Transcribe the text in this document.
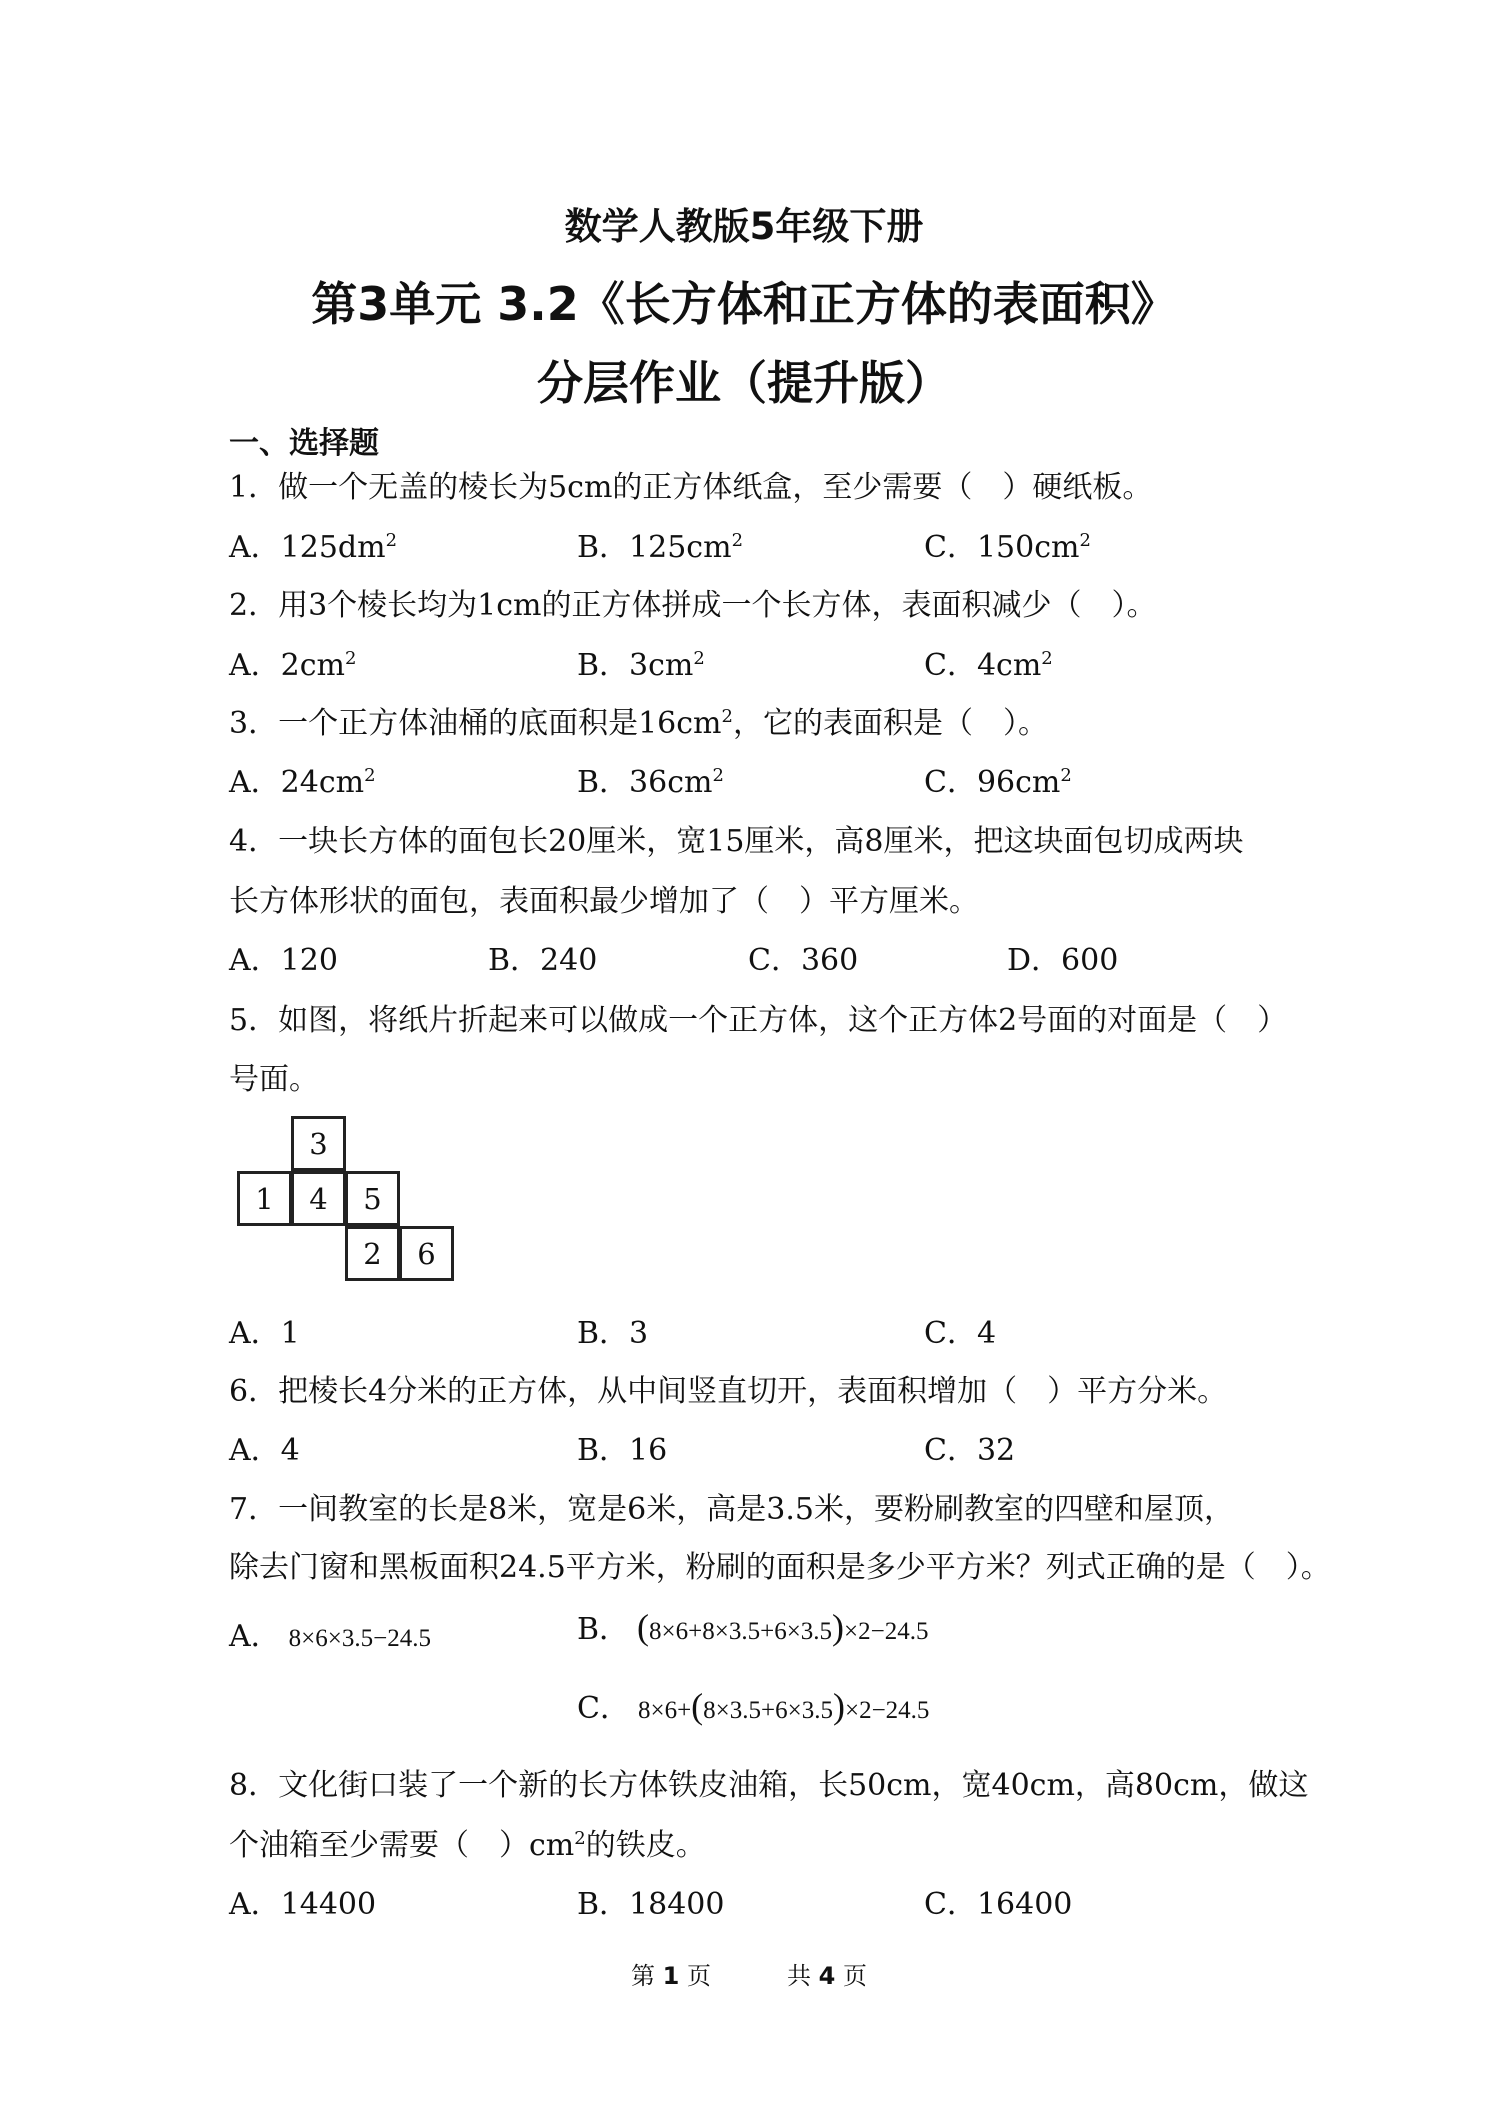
数学人教版5年级下册
第3单元 3.2《长方体和正方体的表面积》
分层作业（提升版）
一、选择题
1．做一个无盖的棱长为5cm的正方体纸盒，至少需要（　）硬纸板。
A．$125dm^2$	B．$125cm^2$	C．$150cm^2$
2．用3个棱长均为1cm的正方体拼成一个长方体，表面积减少（　）。
A．$2cm^2$	B．$3cm^2$	C．$4cm^2$
3．一个正方体油桶的底面积是$16cm^2$，它的表面积是（　）。
A．$24cm^2$	B．$36cm^2$	C．$96cm^2$
4．一块长方体的面包长20厘米，宽15厘米，高8厘米，把这块面包切成两块
长方体形状的面包，表面积最少增加了（　）平方厘米。
A．120	B．240	C．360	D．600
5．如图，将纸片折起来可以做成一个正方体，这个正方体2号面的对面是（　）
号面。
3
1	4	5
2	6
A．1	B．3	C．4
6．把棱长4分米的正方体，从中间竖直切开，表面积增加（　）平方分米。
A．4	B．16	C．32
7．一间教室的长是8米，宽是6米，高是3.5米，要粉刷教室的四壁和屋顶，
除去门窗和黑板面积24.5平方米，粉刷的面积是多少平方米？列式正确的是（　）。
A． 8×6×3.5−24.5	B． (8×6+8×3.5+6×3.5)×2−24.5
C． 8×6+(8×3.5+6×3.5)×2−24.5
8．文化街口装了一个新的长方体铁皮油箱，长50cm，宽40cm，高80cm，做这
个油箱至少需要（　）$cm^2$的铁皮。
A．14400	B．18400	C．16400
第 1 页	共 4 页
